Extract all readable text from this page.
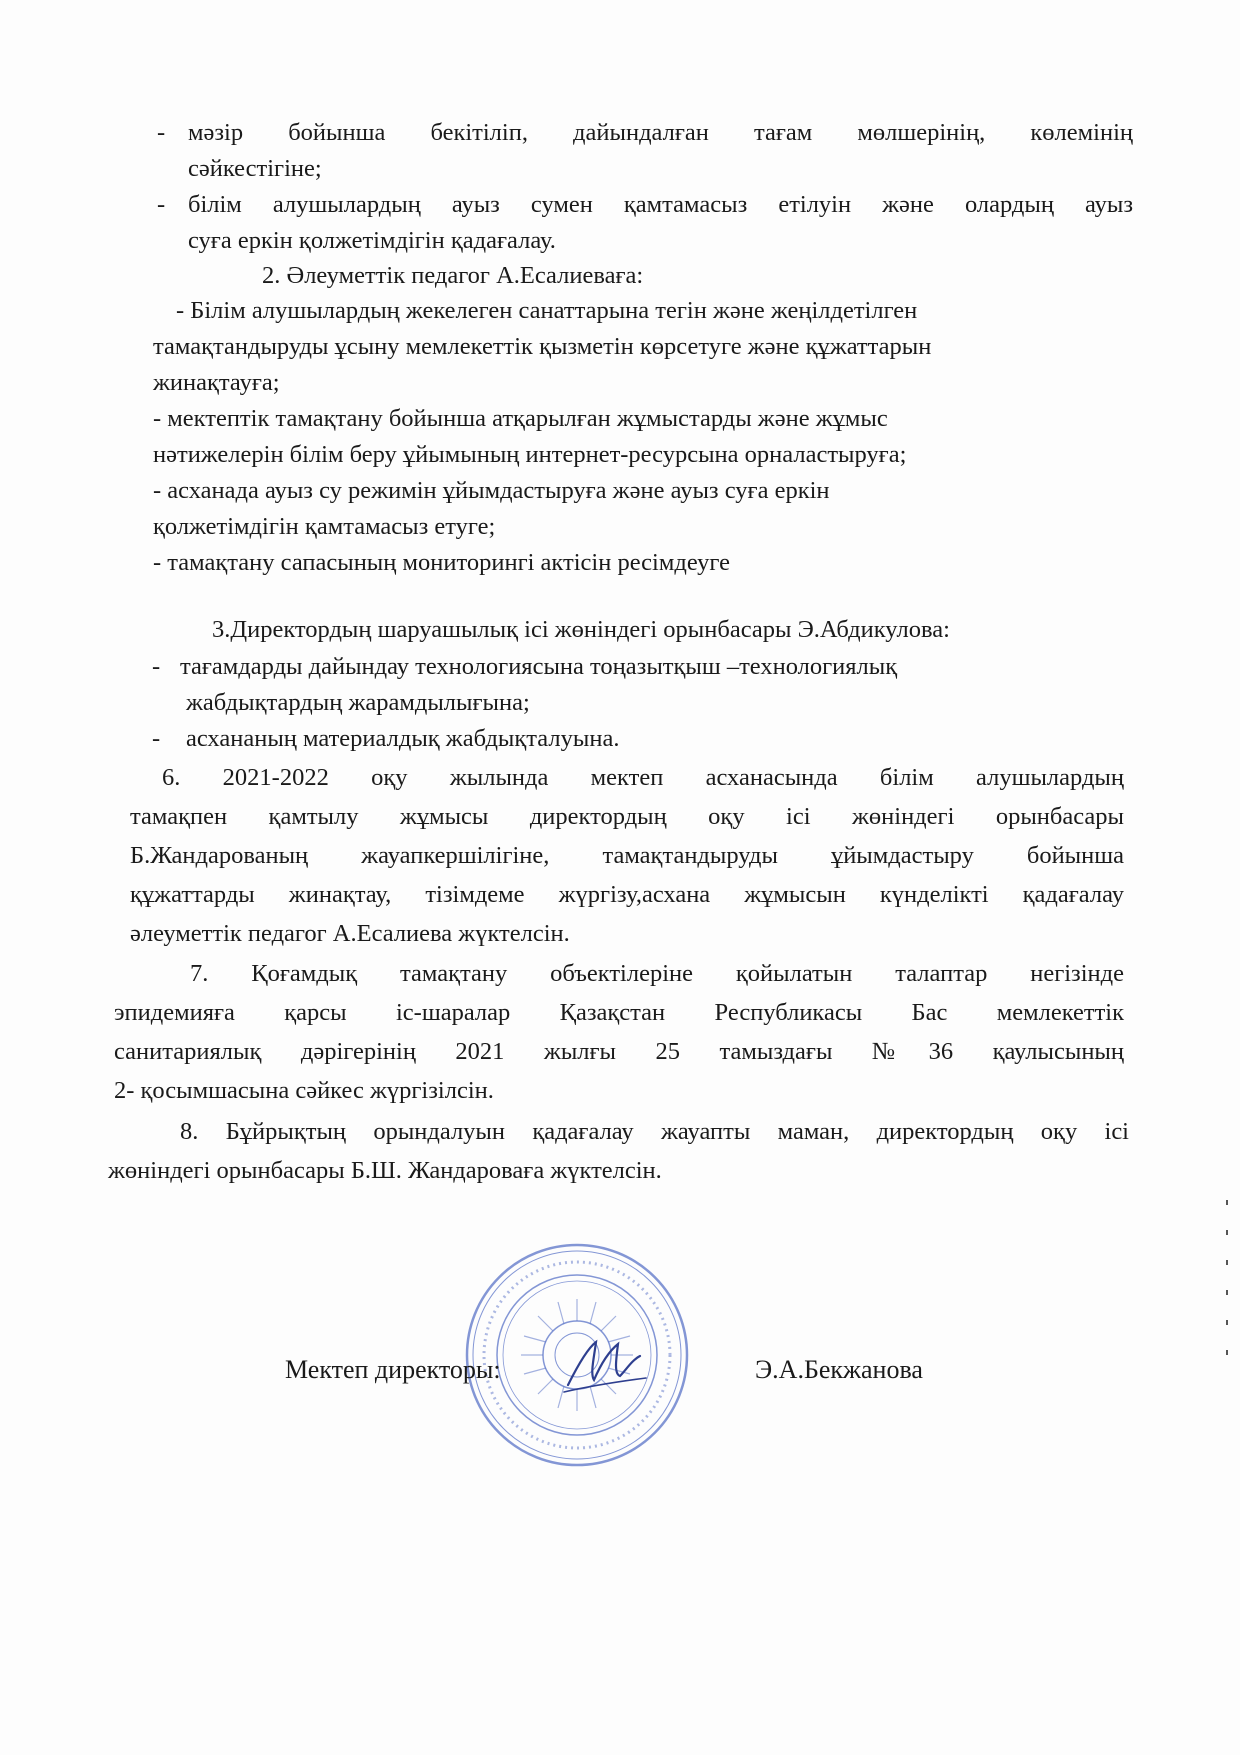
- мәзір бойынша бекітіліп, дайындалған тағам мөлшерінің, көлемінің
сәйкестігіне;
- білім алушылардың ауыз сумен қамтамасыз етілуін және олардың ауыз
суға еркін қолжетімдігін қадағалау.
2. Әлеуметтік педагог А.Есалиеваға:
- Білім алушылардың жекелеген санаттарына тегін және жеңілдетілген
тамақтандыруды ұсыну мемлекеттік қызметін көрсетуге және құжаттарын
жинақтауға;
- мектептік тамақтану бойынша атқарылған жұмыстарды және жұмыс
нәтижелерін білім беру ұйымының интернет-ресурсына орналастыруға;
- асханада ауыз су режимін ұйымдастыруға және ауыз суға еркін
қолжетімдігін қамтамасыз етуге;
- тамақтану сапасының мониторингі актісін ресімдеуге
3.Директордың шаруашылық ісі жөніндегі орынбасары Э.Абдикулова:
- тағамдарды дайындау технологиясына тоңазытқыш –технологиялық
жабдықтардың жарамдылығына;
- асхананың материалдық жабдықталуына.
6. 2021-2022 оқу жылында мектеп асханасында білім алушылардың
тамақпен қамтылу жұмысы директордың оқу ісі жөніндегі орынбасары
Б.Жандарованың жауапкершілігіне, тамақтандыруды ұйымдастыру бойынша
құжаттарды жинақтау, тізімдеме жүргізу,асхана жұмысын күнделікті қадағалау
әлеуметтік педагог А.Есалиева жүктелсін.
7. Қоғамдық тамақтану объектілеріне қойылатын талаптар негізінде
эпидемияға қарсы іс-шаралар Қазақстан Республикасы Бас мемлекеттік
санитариялық дәрігерінің 2021 жылғы 25 тамыздағы №36 қаулысының
2- қосымшасына сәйкес жүргізілсін.
8. Бұйрықтың орындалуын қадағалау жауапты маман, директордың оқу ісі
жөніндегі орынбасары Б.Ш. Жандароваға жүктелсін.
Мектеп директоры:	Э.А.Бекжанова
